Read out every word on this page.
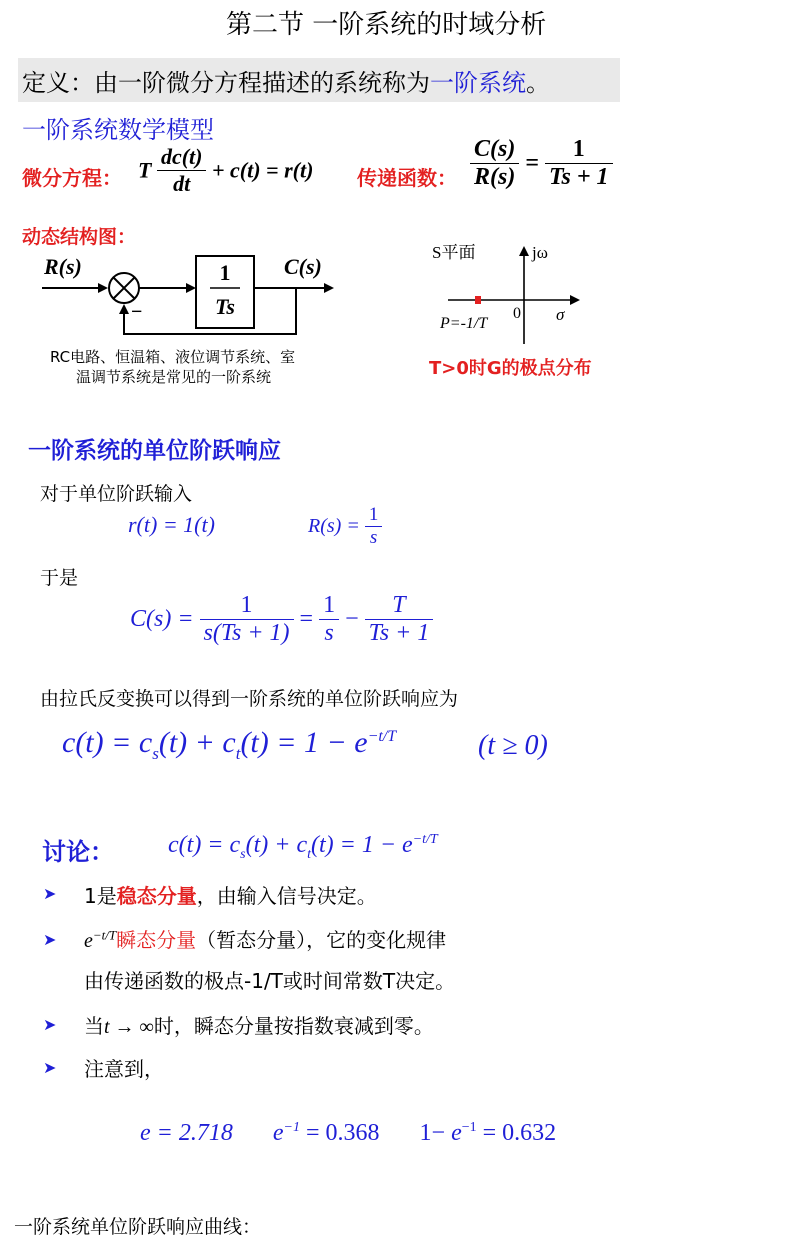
第二节 一阶系统的时域分析
定义：由一阶微分方程描述的系统称为一阶系统。
一阶系统数学模型
微分方程： T $\frac{dc(t)}{dt} + c(t) = r(t)$ 传递函数： $\frac{C(s)}{R(s)} = \frac{1}{Ts + 1}$
动态结构图：
R(s)	1
Ts
C(s)
−
RC电路、恒温箱、液位调节系统、室
温调节系统是常见的一阶系统
S平面	jω
σ
0
P=-1/T
T>0时G的极点分布
一阶系统的单位阶跃响应
对于单位阶跃输入
r(t) = 1(t)	$R(s) = \frac{1}{s}$
于是
$C(s) = \frac{1}{s(Ts + 1)} = \frac{1}{s} - \frac{T}{Ts + 1}$
由拉氏反变换可以得到一阶系统的单位阶跃响应为
$c(t) = c_s(t) + c_t(t) = 1 - e^{-t/T}$	(t ≥ 0)
讨论： $c(t) = c_s(t) + c_t(t) = 1 - e^{-t/T}$
➤ 1是稳态分量，由输入信号决定。
➤ $e^{-t/T}$瞬态分量（暂态分量），它的变化规律
由传递函数的极点-1/T或时间常数T决定。
➤ 当t → ∞时，瞬态分量按指数衰减到零。
➤ 注意到，
e = 2.718 $e^{-1} = 0.368$ $1- e^{-1} = 0.632$
一阶系统单位阶跃响应曲线：
